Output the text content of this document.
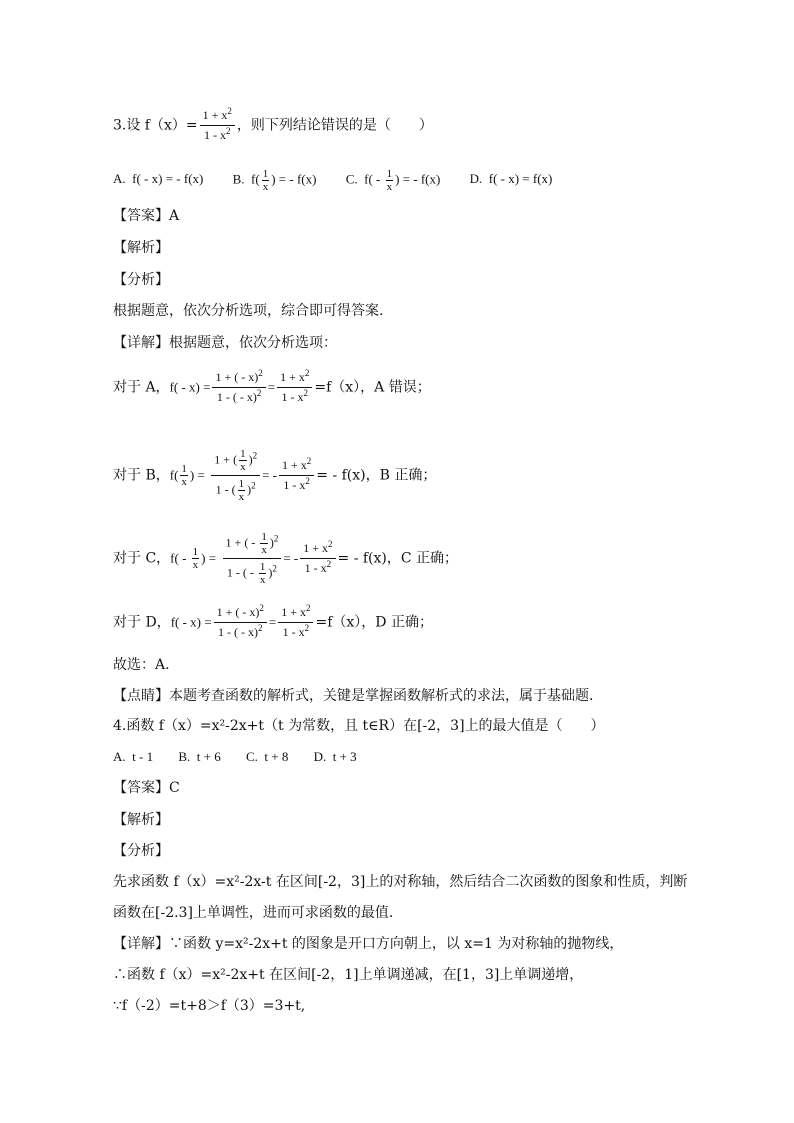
3.设 $f(x)= \frac{1 + x^2}{1 - x^2}$ ，则下列结论错误的是（　　）
A. f( - x) = - f(x) B. $f( \frac{1}{x}$ ) = - f(x) C. $f( - \frac{1}{x}$ ) = - f(x) D. f( - x) = f(x)
【答案】A
【解析】
【分析】
根据题意，依次分析选项，综合即可得答案.
【详解】根据题意，依次分析选项：
对于 A，$f( - x) = \frac{1 + ( - x)^2}{1 - ( - x)^2} = \frac{1 + x^2}{1 - x^2} =f(x)$，A 错误；
对于 B，$f( \frac{1}{x}$ ) = $\frac{1 + ( \frac{1}{x} )^2}{1 - ( \frac{1}{x} )^2}$ = - $\frac{1 + x^2}{1 - x^2}$ = - f(x)，B 正确；
对于 C，$f( - \frac{1}{x}$ ) = $\frac{1 + ( - \frac{1}{x} )^2}{1 - ( - \frac{1}{x} )^2}$ = - $\frac{1 + x^2}{1 - x^2}$ = - f(x)，C 正确；
对于 D，$f( - x) = \frac{1 + ( - x)^2}{1 - ( - x)^2} = \frac{1 + x^2}{1 - x^2} =f(x)$，D 正确；
故选：A.
【点睛】本题考查函数的解析式，关键是掌握函数解析式的求法，属于基础题.
4.函数 f（x）=x²-2x+t（t 为常数，且 t∈R）在[-2，3]上的最大值是（　　）
A. t - 1 B. t + 6 C. t + 8 D. t + 3
【答案】C
【解析】
【分析】
先求函数 f（x）=x²-2x-t 在区间[-2，3]上的对称轴，然后结合二次函数的图象和性质，判断
函数在[-2.3]上单调性，进而可求函数的最值.
【详解】∵函数 y=x²-2x+t 的图象是开口方向朝上，以 x=1 为对称轴的抛物线，
∴函数 f（x）=x²-2x+t 在区间[-2，1]上单调递减，在[1，3]上单调递增，
∵f（-2）=t+8＞f（3）=3+t,
